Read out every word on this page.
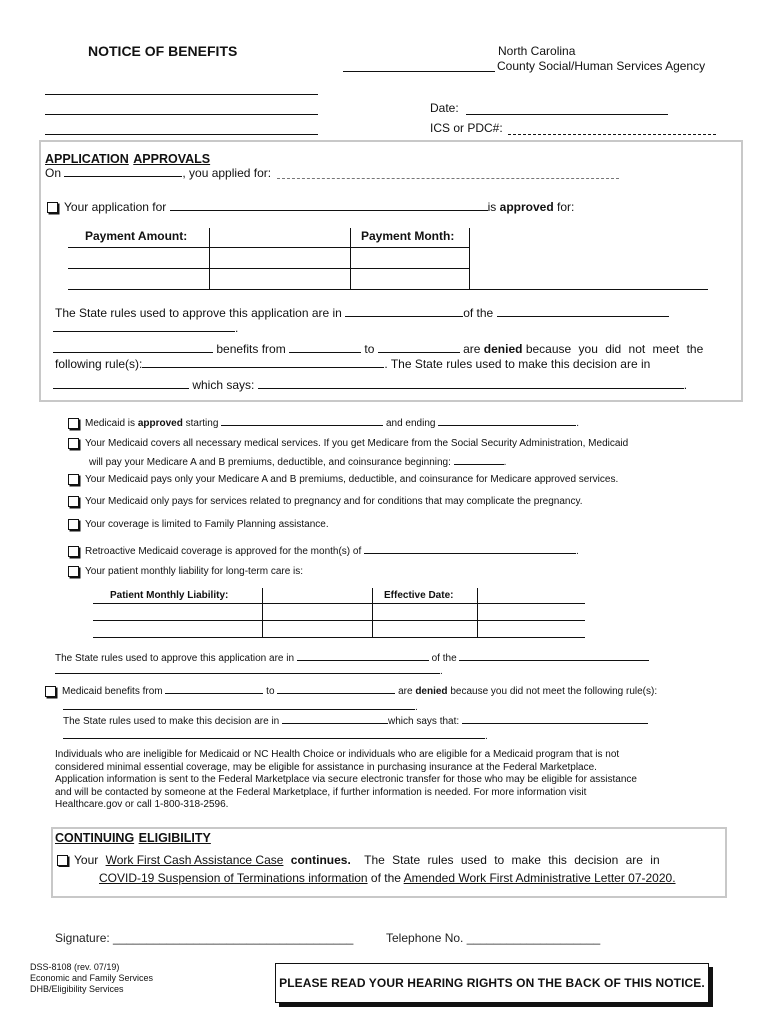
NOTICE OF BENEFITS	North Carolina
County Social/Human Services Agency
Date:
ICS or PDC#:
APPLICATION APPROVALS
On	, you applied for:
Your application for	is approved for:
Payment Amount:	Payment Month:
The State rules used to approve this application are in	of the
.
benefits from	to	are denied because you did not meet the
following rule(s):	. The State rules used to make this decision are in
which says:	.
Medicaid is approved starting	and ending	.
Your Medicaid covers all necessary medical services. If you get Medicare from the Social Security Administration, Medicaid
will pay your Medicare A and B premiums, deductible, and coinsurance beginning:	.
Your Medicaid pays only your Medicare A and B premiums, deductible, and coinsurance for Medicare approved services.
Your Medicaid only pays for services related to pregnancy and for conditions that may complicate the pregnancy.
Your coverage is limited to Family Planning assistance.
Retroactive Medicaid coverage is approved for the month(s) of	.
Your patient monthly liability for long-term care is:
Patient Monthly Liability:	Effective Date:
The State rules used to approve this application are in	of the
.
Medicaid benefits from	to	are denied because you did not meet the following rule(s):
.
The State rules used to make this decision are in	which says that:
.
Individuals who are ineligible for Medicaid or NC Health Choice or individuals who are eligible for a Medicaid program that is not
considered minimal essential coverage, may be eligible for assistance in purchasing insurance at the Federal Marketplace.
Application information is sent to the Federal Marketplace via secure electronic transfer for those who may be eligible for assistance
and will be contacted by someone at the Federal Marketplace, if further information is needed. For more information visit
Healthcare.gov or call 1-800-318-2596.
CONTINUING ELIGIBILITY
Your Work First Cash Assistance Case continues. The State rules used to make this decision are in
COVID-19 Suspension of Terminations information of the Amended Work First Administrative Letter 07-2020.
Signature: ____________________________________	Telephone No. ____________________
DSS-8108 (rev. 07/19)
Economic and Family Services
DHB/Eligibility Services	PLEASE READ YOUR HEARING RIGHTS ON THE BACK OF THIS NOTICE.
